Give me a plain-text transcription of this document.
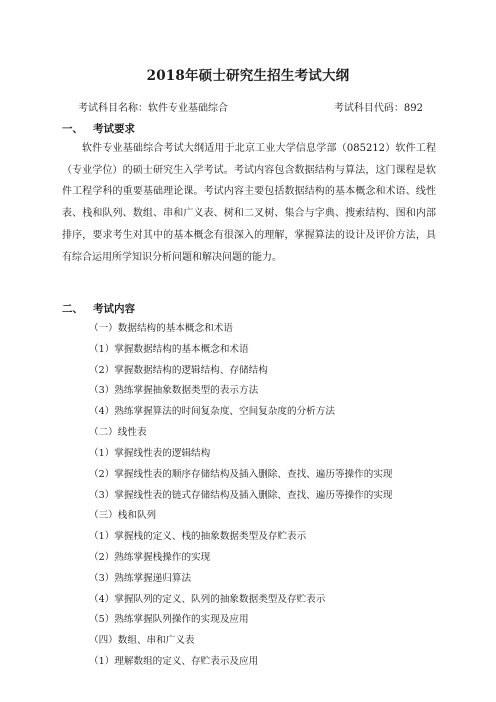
2018年硕士研究生招生考试大纲
考试科目名称：软件专业基础综合	考试科目代码：892
一、 考试要求

软件专业基础综合考试大纲适用于北京工业大学信息学部（085212）软件工程（专业学位）的硕士研究生入学考试。考试内容包含数据结构与算法，这门课程是软件工程学科的重要基础理论课。考试内容主要包括数据结构的基本概念和术语、线性表、栈和队列、数组、串和广义表、树和二叉树、集合与字典、搜索结构、图和内部排序，要求考生对其中的基本概念有很深入的理解，掌握算法的设计及评价方法，具有综合运用所学知识分析问题和解决问题的能力。

二、 考试内容
（一）数据结构的基本概念和术语
（1）掌握数据结构的基本概念和术语
（2）掌握数据结构的逻辑结构、存储结构
（3）熟练掌握抽象数据类型的表示方法
（4）熟练掌握算法的时间复杂度、空间复杂度的分析方法
（二）线性表
（1）掌握线性表的逻辑结构
（2）掌握线性表的顺序存储结构及插入删除、查找、遍历等操作的实现
（3）掌握线性表的链式存储结构及插入删除、查找、遍历等操作的实现
（三）栈和队列
（1）掌握栈的定义、栈的抽象数据类型及存贮表示
（2）熟练掌握栈操作的实现
（3）熟练掌握递归算法
（4）掌握队列的定义、队列的抽象数据类型及存贮表示
（5）熟练掌握队列操作的实现及应用
（四）数组、串和广义表
（1）理解数组的定义、存贮表示及应用
